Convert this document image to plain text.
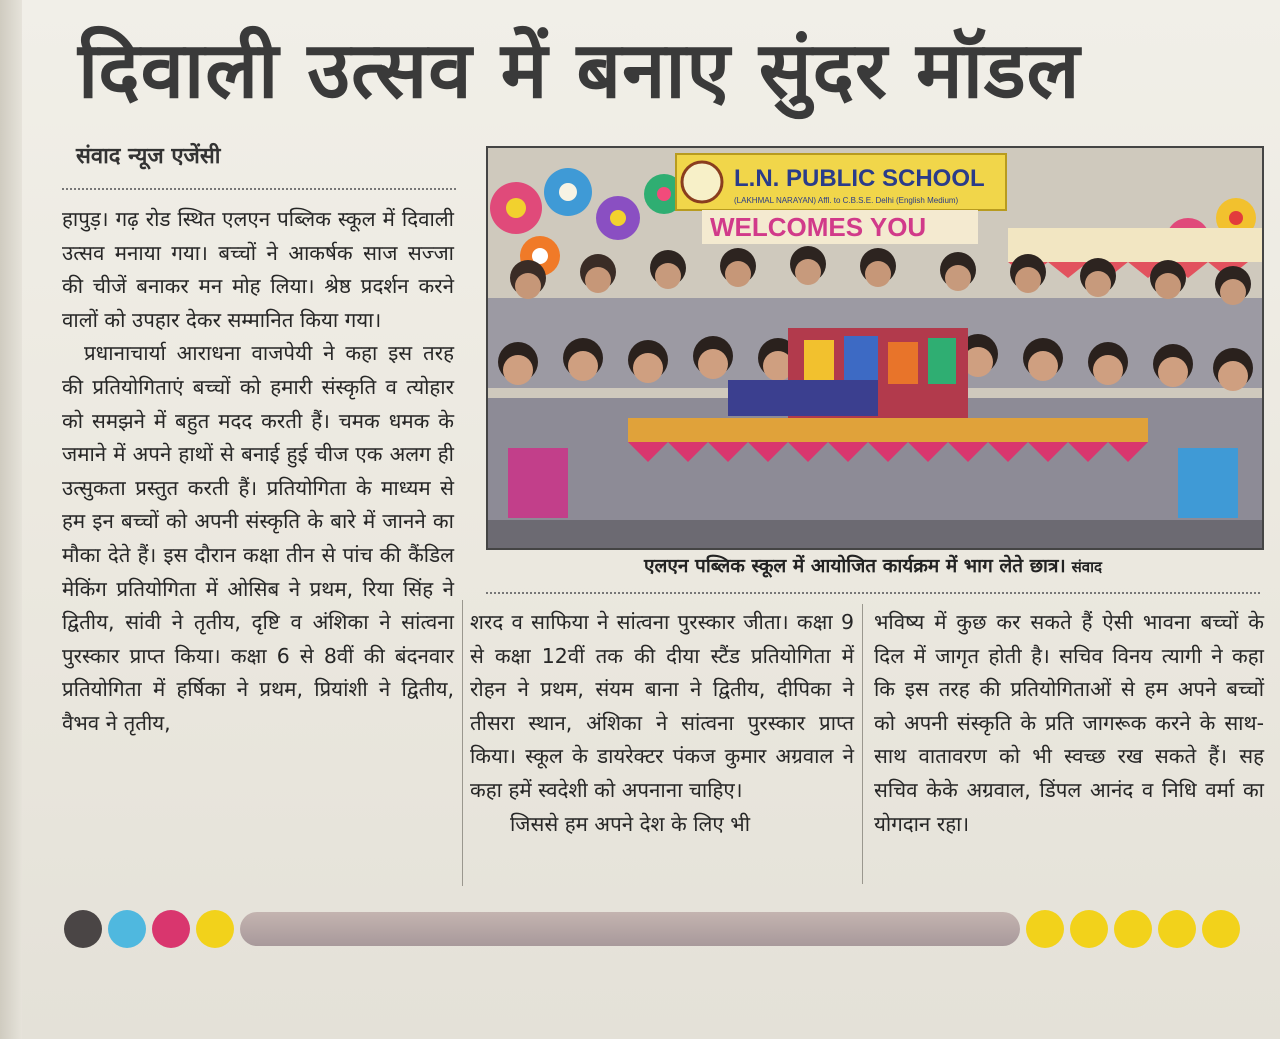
दिवाली उत्सव में बनाए सुंदर मॉडल
संवाद न्यूज एजेंसी

हापुड़। गढ़ रोड स्थित एलएन पब्लिक स्कूल में दिवाली उत्सव मनाया गया। बच्चों ने आकर्षक साज सज्जा की चीजें बनाकर मन मोह लिया। श्रेष्ठ प्रदर्शन करने वालों को उपहार देकर सम्मानित किया गया।

प्रधानाचार्या आराधना वाजपेयी ने कहा इस तरह की प्रतियोगिताएं बच्चों को हमारी संस्कृति व त्योहार को समझने में बहुत मदद करती हैं। चमक धमक के जमाने में अपने हाथों से बनाई हुई चीज एक अलग ही उत्सुकता प्रस्तुत करती हैं। प्रतियोगिता के माध्यम से हम इन बच्चों को अपनी संस्कृति के बारे में जानने का मौका देते हैं। इस दौरान कक्षा तीन से पांच की कैंडिल मेकिंग प्रतियोगिता में ओसिब ने प्रथम, रिया सिंह ने द्वितीय, सांवी ने तृतीय, दृष्टि व अंशिका ने सांत्वना पुरस्कार प्राप्त किया। कक्षा 6 से 8वीं की बंदनवार प्रतियोगिता में हर्षिका ने प्रथम, प्रियांशी ने द्वितीय, वैभव ने तृतीय,

L.N. PUBLIC SCHOOL
(LAKHMAL NARAYAN) Affl. to C.B.S.E. Delhi (English Medium)
WELCOMES YOU
एलएन पब्लिक स्कूल में आयोजित कार्यक्रम में भाग लेते छात्र। संवाद

शरद व साफिया ने सांत्वना पुरस्कार जीता। कक्षा 9 से कक्षा 12वीं तक की दीया स्टैंड प्रतियोगिता में रोहन ने प्रथम, संयम बाना ने द्वितीय, दीपिका ने तीसरा स्थान, अंशिका ने सांत्वना पुरस्कार प्राप्त किया। स्कूल के डायरेक्टर पंकज कुमार अग्रवाल ने कहा हमें स्वदेशी को अपनाना चाहिए।

जिससे हम अपने देश के लिए भी

भविष्य में कुछ कर सकते हैं ऐसी भावना बच्चों के दिल में जागृत होती है। सचिव विनय त्यागी ने कहा कि इस तरह की प्रतियोगिताओं से हम अपने बच्चों को अपनी संस्कृति के प्रति जागरूक करने के साथ-साथ वातावरण को भी स्वच्छ रख सकते हैं। सह सचिव केके अग्रवाल, डिंपल आनंद व निधि वर्मा का योगदान रहा।
